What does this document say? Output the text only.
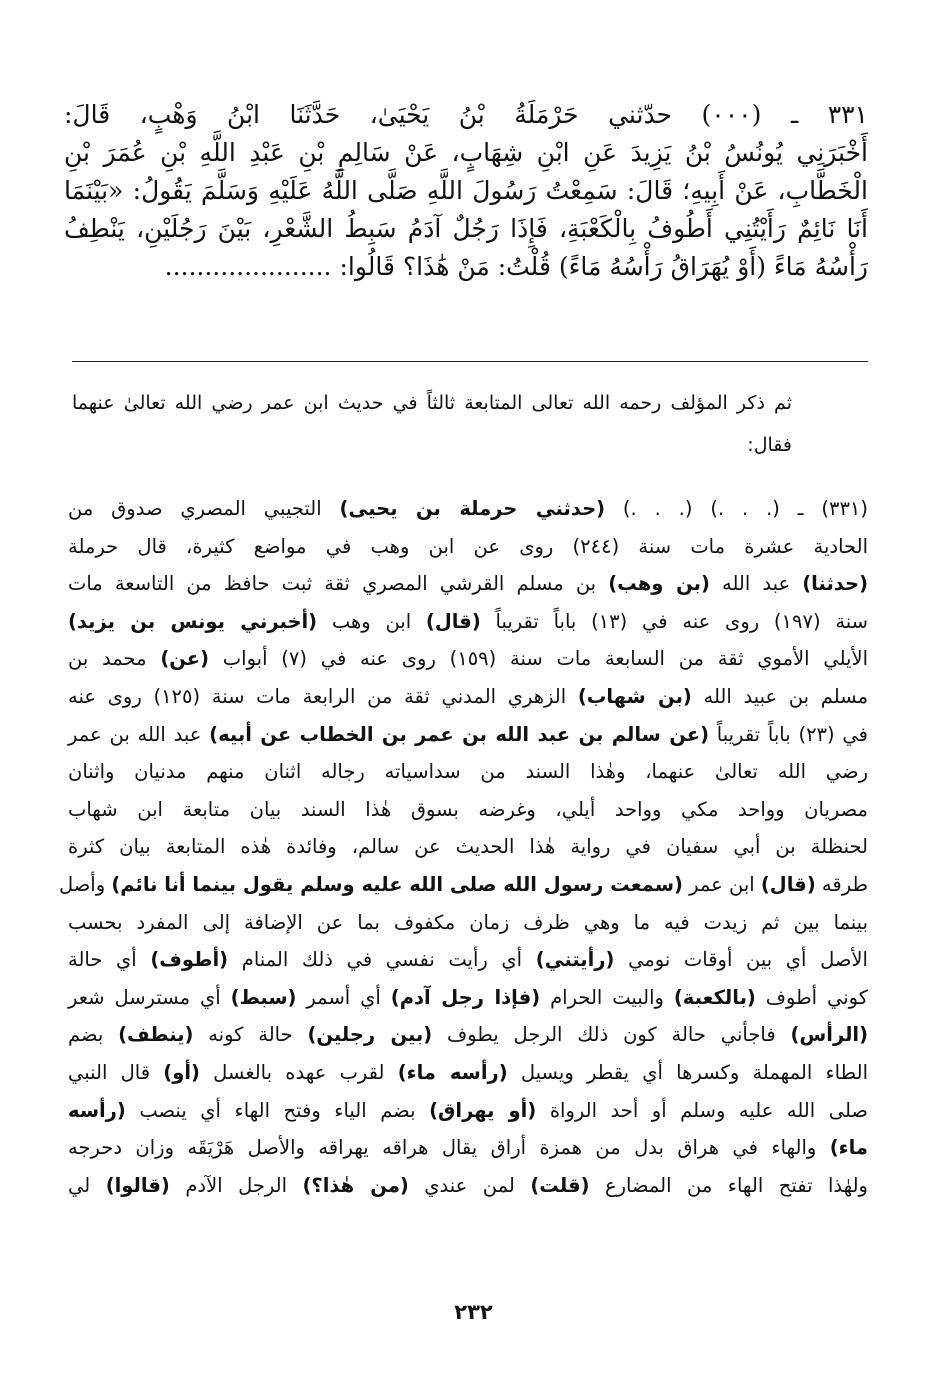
٣٣١ ـ (٠٠٠) حدّثني حَرْمَلَةُ بْنُ يَحْيَىٰ، حَدَّثَنَا ابْنُ وَهْبٍ، قَالَ:
أَخْبَرَنِي يُونُسُ بْنُ يَزِيدَ عَنِ ابْنِ شِهَابٍ، عَنْ سَالِمِ بْنِ عَبْدِ اللَّهِ بْنِ عُمَرَ بْنِ
الْخَطَّابِ، عَنْ أَبِيهِ؛ قَالَ: سَمِعْتُ رَسُولَ اللَّهِ صَلَّى اللَّهُ عَلَيْهِ وَسَلَّمَ يَقُولُ: «بَيْنَمَا
أَنَا نَائِمٌ رَأَيْتُنِي أَطُوفُ بِالْكَعْبَةِ، فَإِذَا رَجُلٌ آدَمُ سَبِطُ الشَّعْرِ، بَيْنَ رَجُلَيْنِ، يَنْطِفُ
رَأْسُهُ مَاءً (أَوْ يُهَرَاقُ رَأْسُهُ مَاءً) قُلْتُ: مَنْ هَٰذَا؟ قَالُوا: .....................
ثم ذكر المؤلف رحمه الله تعالى المتابعة ثالثاً في حديث ابن عمر رضي الله تعالىٰ عنهما فقال:
(٣٣١) ـ (. . .) (. . .) (حدثني حرملة بن يحيى) التجيبي المصري صدوق من
الحادية عشرة مات سنة (٢٤٤) روى عن ابن وهب في مواضع كثيرة، قال حرملة
(حدثنا) عبد الله (بن وهب) بن مسلم القرشي المصري ثقة ثبت حافظ من التاسعة مات
سنة (١٩٧) روى عنه في (١٣) باباً تقريباً (قال) ابن وهب (أخبرني يونس بن يزيد)
الأيلي الأموي ثقة من السابعة مات سنة (١٥٩) روى عنه في (٧) أبواب (عن) محمد بن
مسلم بن عبيد الله (بن شهاب) الزهري المدني ثقة من الرابعة مات سنة (١٢٥) روى عنه
في (٢٣) باباً تقريباً (عن سالم بن عبد الله بن عمر بن الخطاب عن أبيه) عبد الله بن عمر
رضي الله تعالىٰ عنهما، وهٰذا السند من سداسياته رجاله اثنان منهم مدنيان واثنان
مصريان وواحد مكي وواحد أيلي، وغرضه بسوق هٰذا السند بيان متابعة ابن شهاب
لحنظلة بن أبي سفيان في رواية هٰذا الحديث عن سالم، وفائدة هٰذه المتابعة بيان كثرة
طرقه (قال) ابن عمر (سمعت رسول الله صلى الله عليه وسلم يقول بينما أنا نائم) وأصل
بينما بين ثم زيدت فيه ما وهي ظرف زمان مكفوف بما عن الإضافة إلى المفرد بحسب
الأصل أي بين أوقات نومي (رأيتني) أي رأيت نفسي في ذلك المنام (أطوف) أي حالة
كوني أطوف (بالكعبة) والبيت الحرام (فإذا رجل آدم) أي أسمر (سبط) أي مسترسل شعر
(الرأس) فاجأني حالة كون ذلك الرجل يطوف (بين رجلين) حالة كونه (ينطف) بضم
الطاء المهملة وكسرها أي يقطر ويسيل (رأسه ماء) لقرب عهده بالغسل (أو) قال النبي
صلى الله عليه وسلم أو أحد الرواة (أو يهراق) بضم الياء وفتح الهاء أي ينصب (رأسه
ماء) والهاء في هراق بدل من همزة أراق يقال هراقه يهراقه والأصل هَرْيَقَه وزان دحرجه
ولهٰذا تفتح الهاء من المضارع (قلت) لمن عندي (من هٰذا؟) الرجل الآدم (قالوا) لي
٢٣٢
